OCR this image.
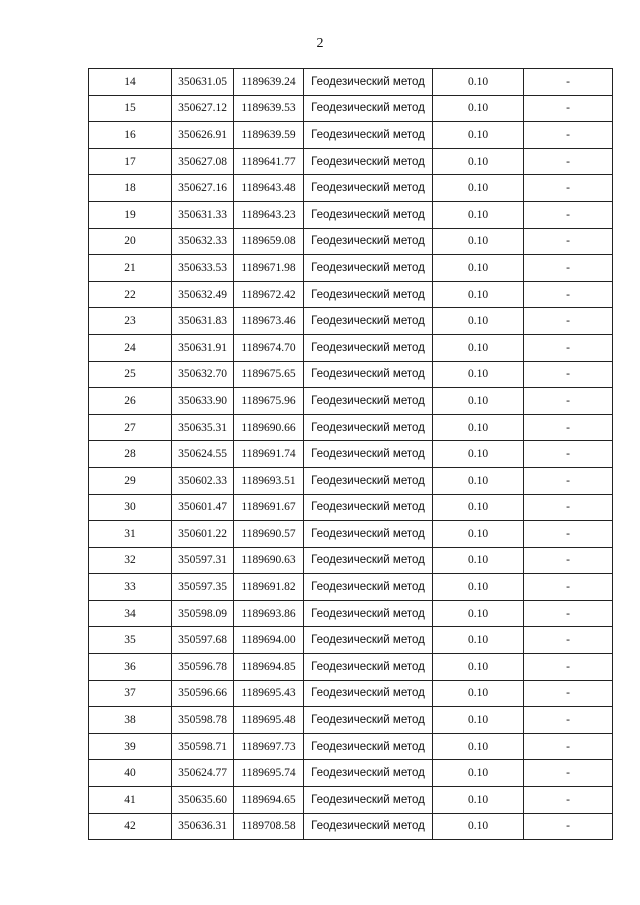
2
14	350631.05	1189639.24	Геодезический метод	0.10	-
15	350627.12	1189639.53	Геодезический метод	0.10	-
16	350626.91	1189639.59	Геодезический метод	0.10	-
17	350627.08	1189641.77	Геодезический метод	0.10	-
18	350627.16	1189643.48	Геодезический метод	0.10	-
19	350631.33	1189643.23	Геодезический метод	0.10	-
20	350632.33	1189659.08	Геодезический метод	0.10	-
21	350633.53	1189671.98	Геодезический метод	0.10	-
22	350632.49	1189672.42	Геодезический метод	0.10	-
23	350631.83	1189673.46	Геодезический метод	0.10	-
24	350631.91	1189674.70	Геодезический метод	0.10	-
25	350632.70	1189675.65	Геодезический метод	0.10	-
26	350633.90	1189675.96	Геодезический метод	0.10	-
27	350635.31	1189690.66	Геодезический метод	0.10	-
28	350624.55	1189691.74	Геодезический метод	0.10	-
29	350602.33	1189693.51	Геодезический метод	0.10	-
30	350601.47	1189691.67	Геодезический метод	0.10	-
31	350601.22	1189690.57	Геодезический метод	0.10	-
32	350597.31	1189690.63	Геодезический метод	0.10	-
33	350597.35	1189691.82	Геодезический метод	0.10	-
34	350598.09	1189693.86	Геодезический метод	0.10	-
35	350597.68	1189694.00	Геодезический метод	0.10	-
36	350596.78	1189694.85	Геодезический метод	0.10	-
37	350596.66	1189695.43	Геодезический метод	0.10	-
38	350598.78	1189695.48	Геодезический метод	0.10	-
39	350598.71	1189697.73	Геодезический метод	0.10	-
40	350624.77	1189695.74	Геодезический метод	0.10	-
41	350635.60	1189694.65	Геодезический метод	0.10	-
42	350636.31	1189708.58	Геодезический метод	0.10	-
